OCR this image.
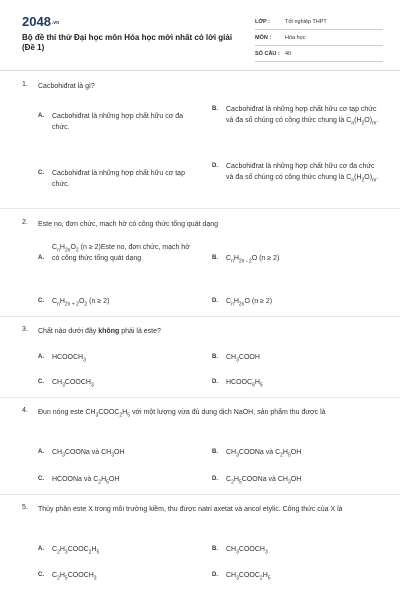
2048.vn
Bộ đề thi thử Đại học môn Hóa học mới nhất có lời giải (Đề 1)
LỚP :	Tốt nghiệp THPT
MÔN :	Hóa học
SỐ CÂU : 40
1. Cacbohiđrat là gì?
A. Cacbohiđrat là những hợp chất hữu cơ đa chức.
B. Cacbohiđrat là những hợp chất hữu cơ tạp chức và đa số chúng có công thức chung là $C_n(H_2O)_m$.
C. Cacbohiđrat là những hợp chất hữu cơ tạp chức.
D. Cacbohiđrat là những hợp chất hữu cơ đa chức và đa số chúng có công thức chung là $C_n(H_2O)_m$.
2. Este no, đơn chức, mạch hở có công thức tổng quát dạng
A.
$C_nH_{2n}O_2$ (n ≥ 2)Este no, đơn chức, mạch hở có công thức tổng quát dạng	B. $C_nH_{2n - 2}O$ (n ≥ 2)
C. $C_nH_{2n + 2}O_2$ (n ≥ 2)	D. $C_nH_{2n}O$ (n ≥ 2)
3. Chất nào dưới đây không phải là este?
A. $HCOOCH_3$
B. $CH_3COOH$
C. $CH_3COOCH_3$
D. $HCOOC_6H_5$
4. Đun nóng este $CH_3COOC_2H_5$ với một lượng vừa đủ dung dịch NaOH, sản phẩm thu được là
A. $CH_3COONa$ và $CH_3OH$	B. $CH_3COONa$ và $C_2H_5OH$
C. HCOONa và $C_2H_5OH$	D. $C_2H_5COONa$ và $CH_3OH$
5. Thủy phân este X trong môi trường kiềm, thu được natri axetat và ancol etylic. Công thức của X là
A. $C_2H_3COOC_2H_5$
B. $CH_3COOCH_3$
C. $C_2H_5COOCH_3$
D. $CH_3COOC_2H_5$
